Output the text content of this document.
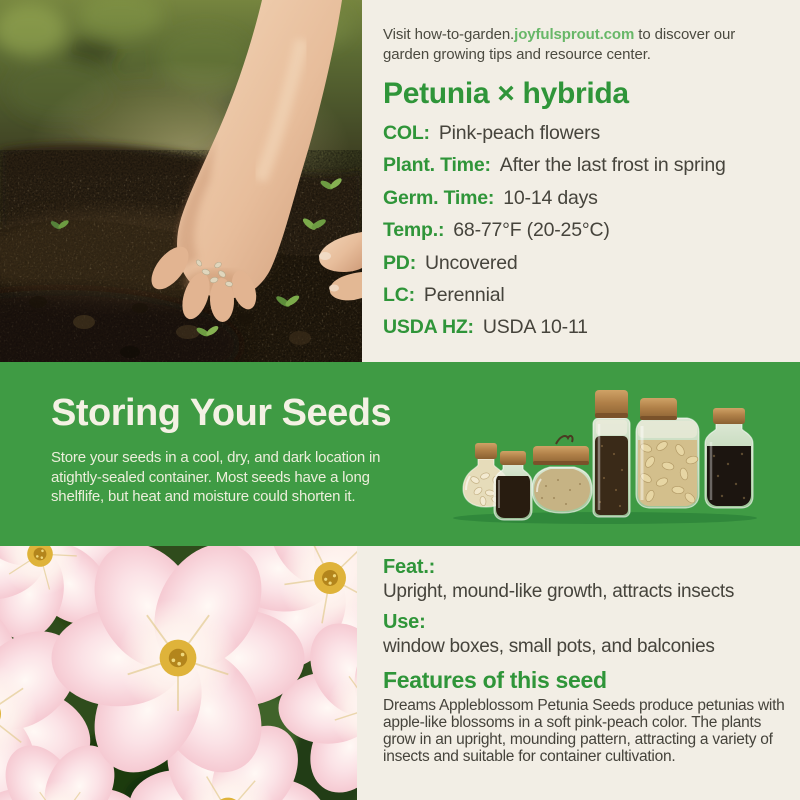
Visit how-to-garden.joyfulsprout.com to discover our garden growing tips and resource center.
Petunia × hybrida
COL: Pink-peach flowers
Plant. Time: After the last frost in spring
Germ. Time: 10-14 days
Temp.: 68-77°F (20-25°C)
PD: Uncovered
LC: Perennial
USDA HZ: USDA 10-11
Storing Your Seeds
Store your seeds in a cool, dry, and dark location in atightly-sealed container. Most seeds have a long shelflife, but heat and moisture could shorten it.
Feat.:
Upright, mound-like growth, attracts insects
Use:
window boxes, small pots, and balconies
Features of this seed
Dreams Appleblossom Petunia Seeds produce petunias with apple-like blossoms in a soft pink-peach color. The plants grow in an upright, mounding pattern, attracting a variety of insects and suitable for container cultivation.
